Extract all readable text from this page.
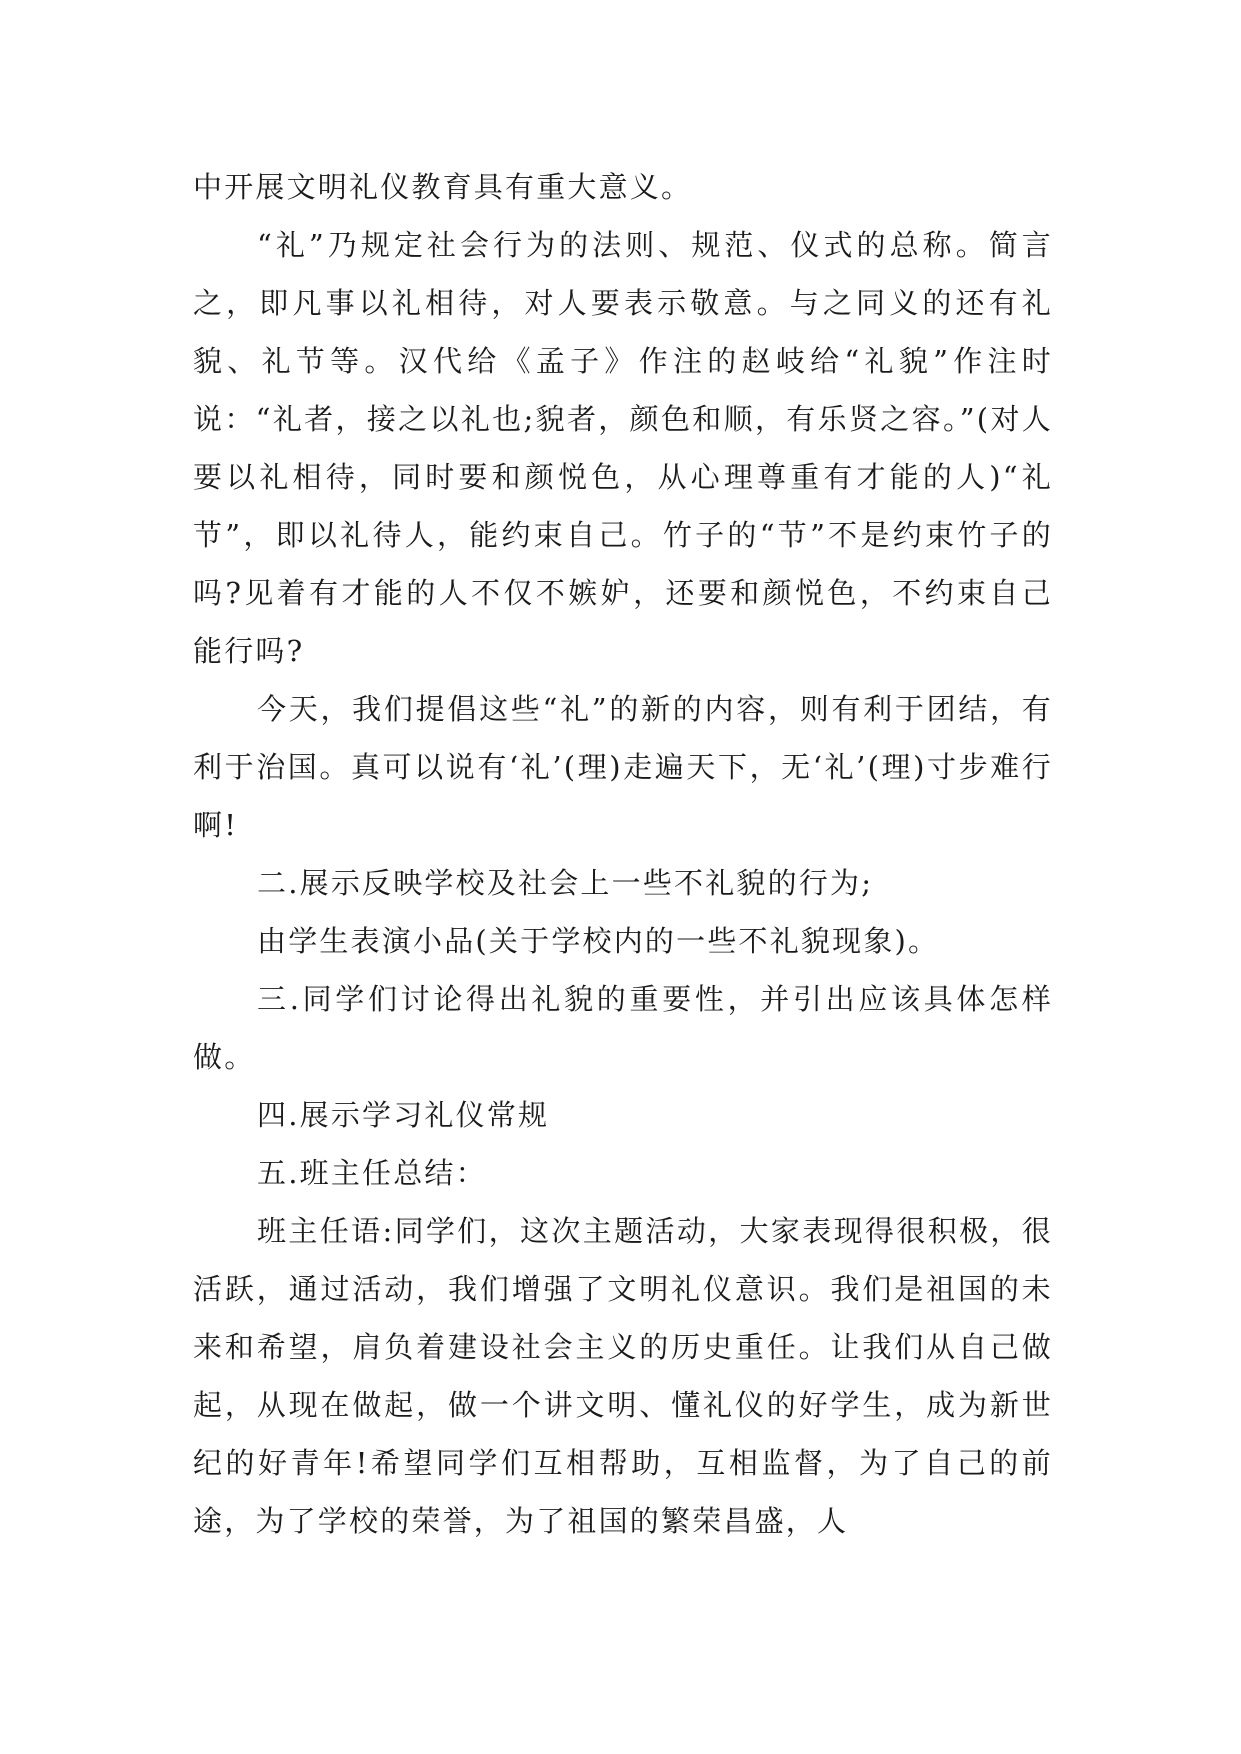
中开展文明礼仪教育具有重大意义。

“礼”乃规定社会行为的法则、规范、仪式的总称。简言之，即凡事以礼相待，对人要表示敬意。与之同义的还有礼貌、礼节等。汉代给《孟子》作注的赵岐给“礼貌”作注时说：“礼者，接之以礼也;貌者，颜色和顺，有乐贤之容。”(对人要以礼相待，同时要和颜悦色，从心理尊重有才能的人)“礼节”，即以礼待人，能约束自己。竹子的“节”不是约束竹子的吗?见着有才能的人不仅不嫉妒，还要和颜悦色，不约束自己能行吗?

今天，我们提倡这些“礼”的新的内容，则有利于团结，有利于治国。真可以说有‘礼’(理)走遍天下，无‘礼’(理)寸步难行啊!

二.展示反映学校及社会上一些不礼貌的行为;

由学生表演小品(关于学校内的一些不礼貌现象)。

三.同学们讨论得出礼貌的重要性，并引出应该具体怎样做。

四.展示学习礼仪常规

五.班主任总结：

班主任语:同学们，这次主题活动，大家表现得很积极，很活跃，通过活动，我们增强了文明礼仪意识。我们是祖国的未来和希望，肩负着建设社会主义的历史重任。让我们从自己做起，从现在做起，做一个讲文明、懂礼仪的好学生，成为新世纪的好青年!希望同学们互相帮助，互相监督，为了自己的前途，为了学校的荣誉，为了祖国的繁荣昌盛，人
